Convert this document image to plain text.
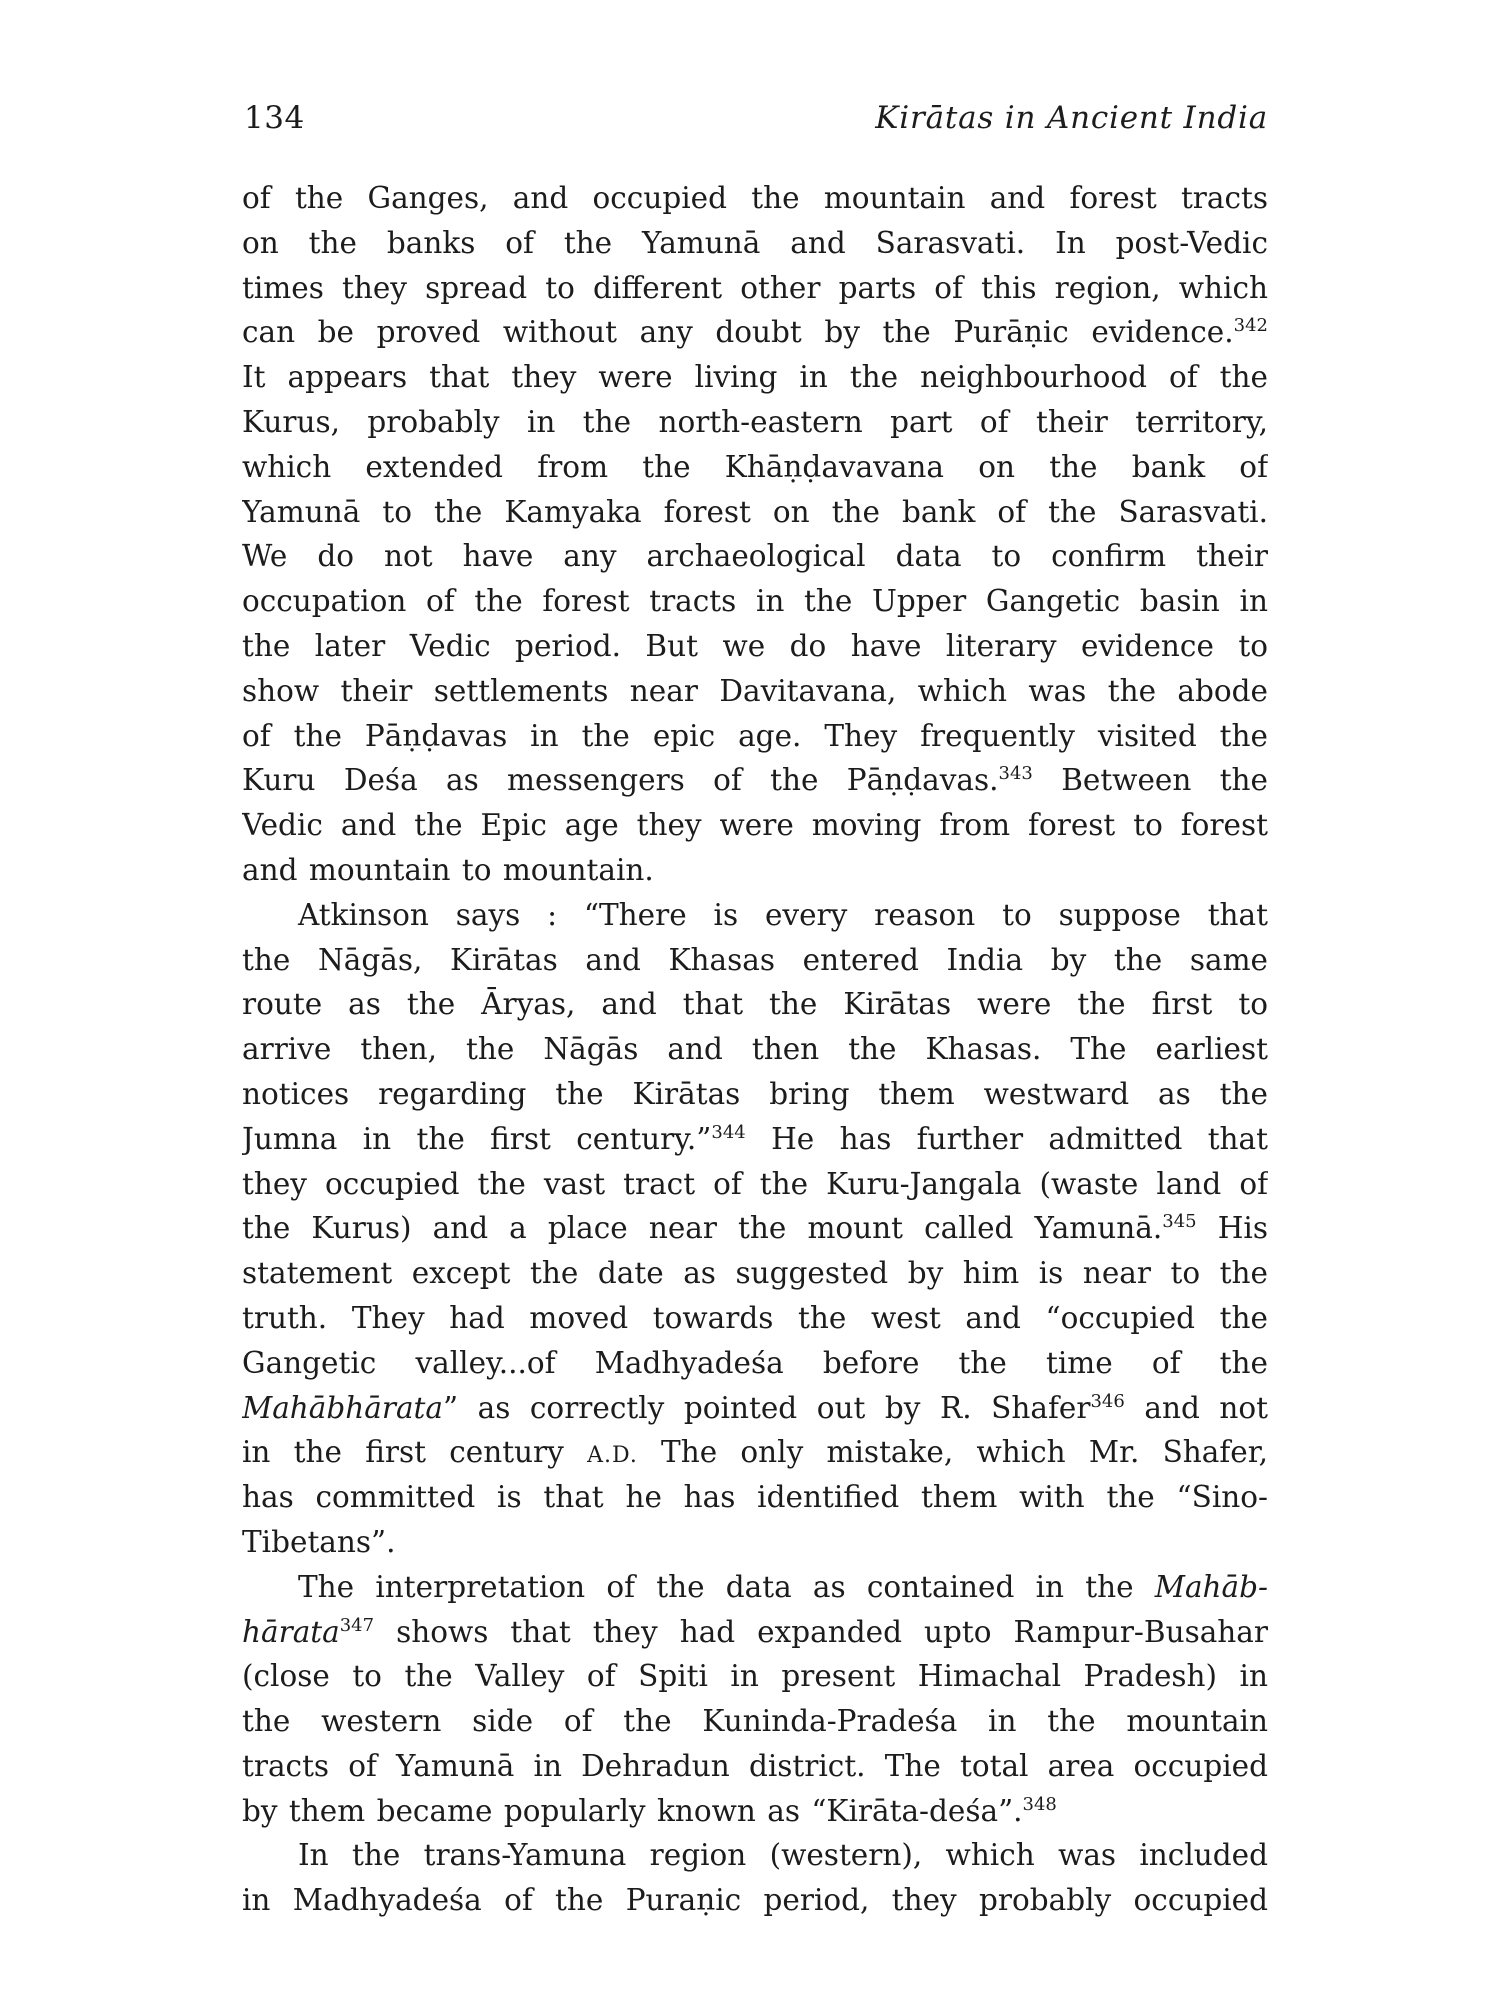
134	Kirātas in Ancient India
of the Ganges, and occupied the mountain and forest tracts
on the banks of the Yamunā and Sarasvati. In post-Vedic
times they spread to different other parts of this region, which
can be proved without any doubt by the Purāṇic evidence.$^{342}$
It appears that they were living in the neighbourhood of the
Kurus, probably in the north-eastern part of their territory,
which extended from the Khāṇḍavavana on the bank of
Yamunā to the Kamyaka forest on the bank of the Sarasvati.
We do not have any archaeological data to confirm their
occupation of the forest tracts in the Upper Gangetic basin in
the later Vedic period. But we do have literary evidence to
show their settlements near Davitavana, which was the abode
of the Pāṇḍavas in the epic age. They frequently visited the
Kuru Deśa as messengers of the Pāṇḍavas.$^{343}$ Between the
Vedic and the Epic age they were moving from forest to forest
and mountain to mountain.
Atkinson says : “There is every reason to suppose that
the Nāgās, Kirātas and Khasas entered India by the same
route as the Āryas, and that the Kirātas were the first to
arrive then, the Nāgās and then the Khasas. The earliest
notices regarding the Kirātas bring them westward as the
Jumna in the first century.”$^{344}$ He has further admitted that
they occupied the vast tract of the Kuru-Jangala (waste land of
the Kurus) and a place near the mount called Yamunā.$^{345}$ His
statement except the date as suggested by him is near to the
truth. They had moved towards the west and “occupied the
Gangetic valley...of Madhyadeśa before the time of the
Mahābhārata” as correctly pointed out by R. Shafer$^{346}$ and not
in the first century A.D. The only mistake, which Mr. Shafer,
has committed is that he has identified them with the “Sino-
Tibetans”.
The interpretation of the data as contained in the Mahāb-
hārata$^{347}$ shows that they had expanded upto Rampur-Busahar
(close to the Valley of Spiti in present Himachal Pradesh) in
the western side of the Kuninda-Pradeśa in the mountain
tracts of Yamunā in Dehradun district. The total area occupied
by them became popularly known as “Kirāta-deśa”.$^{348}$
In the trans-Yamuna region (western), which was included
in Madhyadeśa of the Puraṇic period, they probably occupied
